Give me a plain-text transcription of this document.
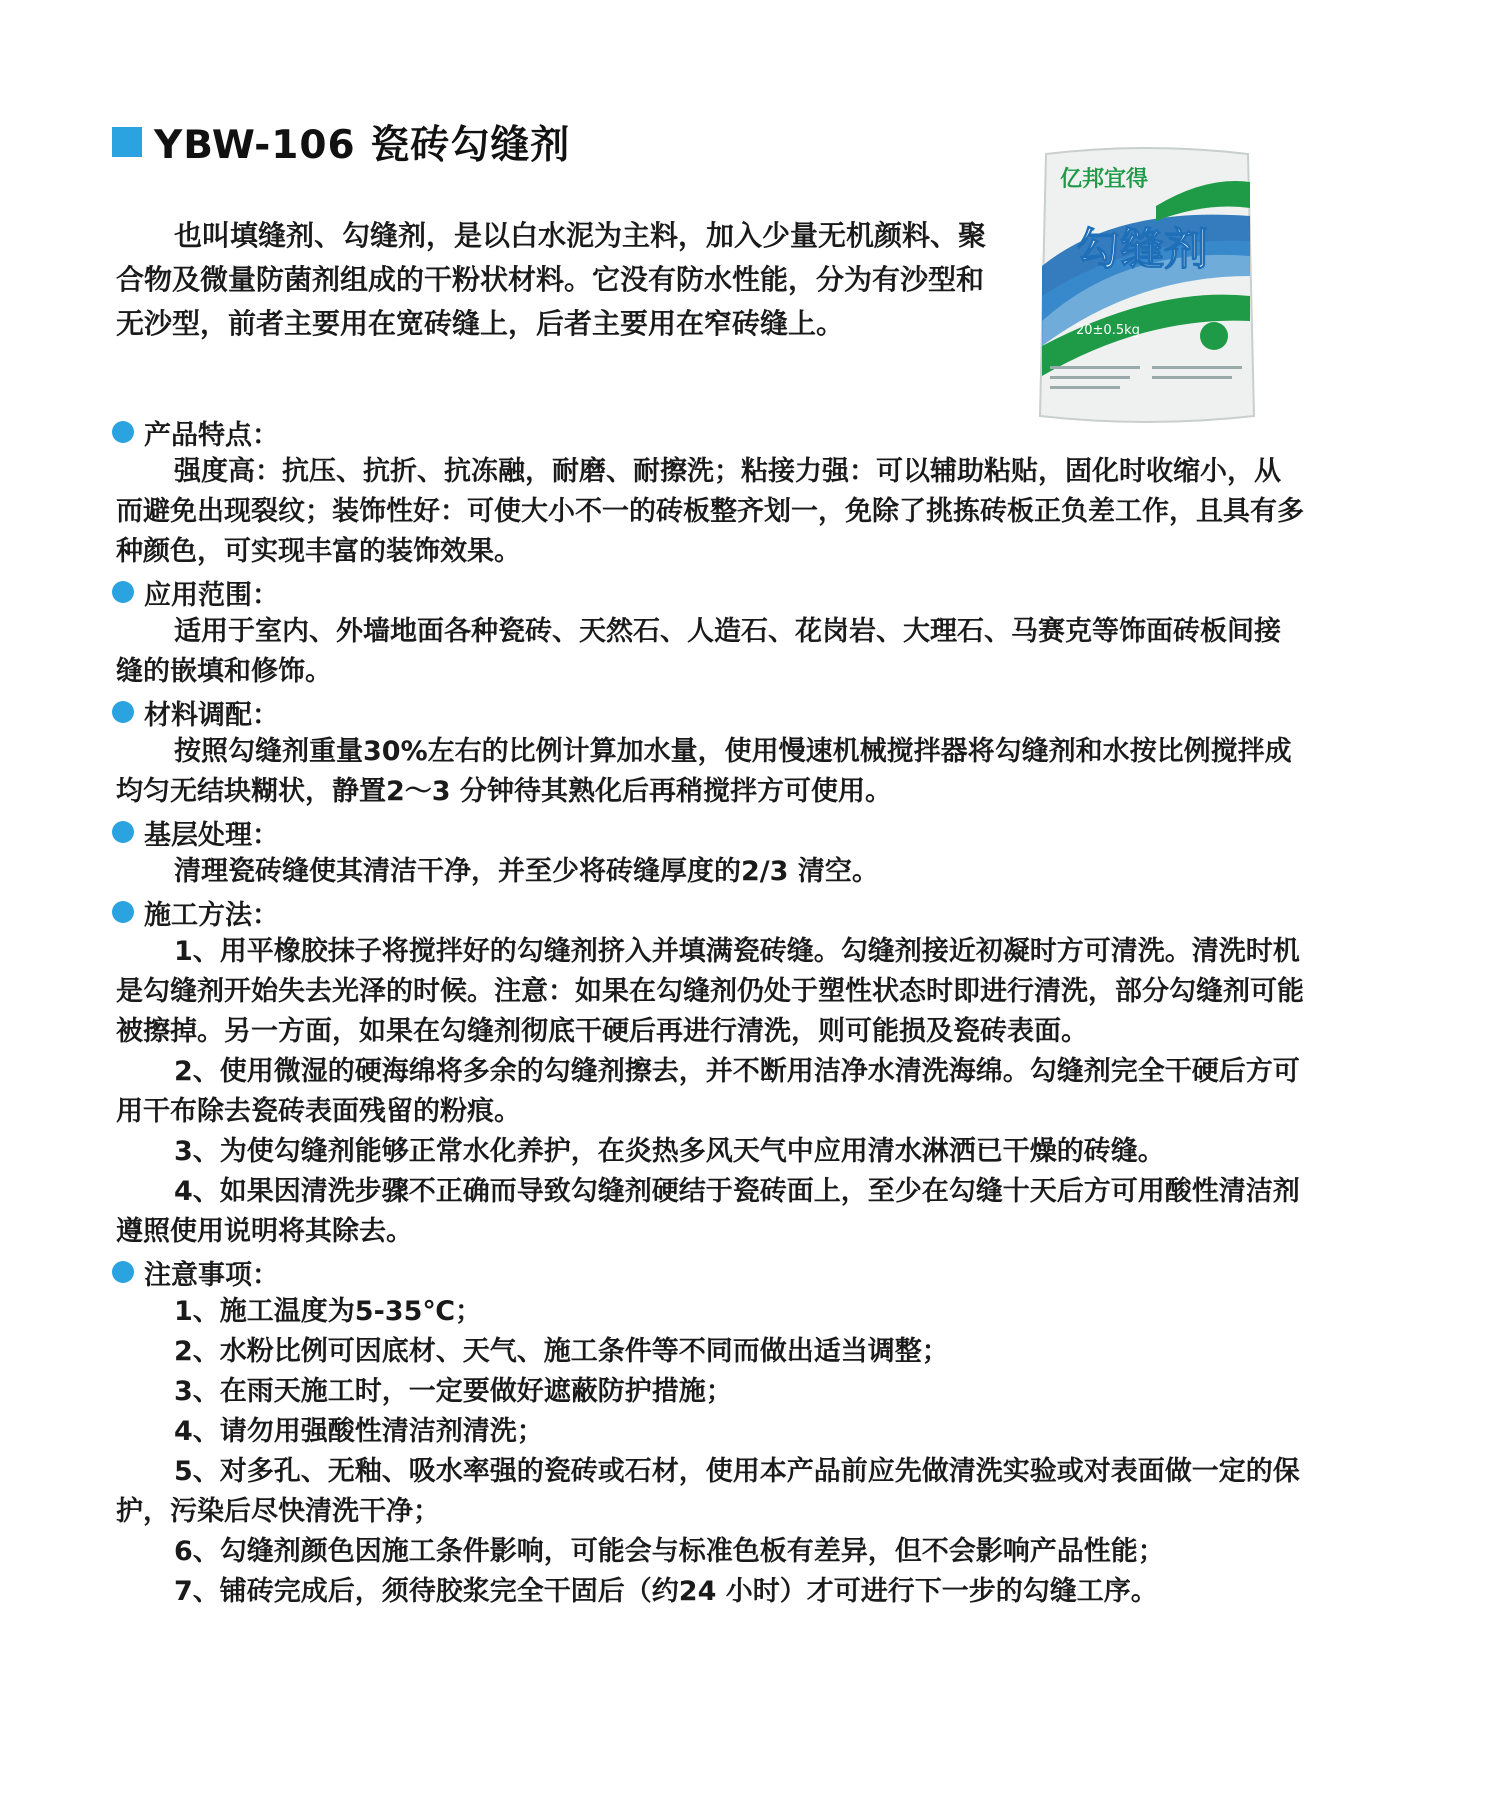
YBW-106 瓷砖勾缝剂

也叫填缝剂、勾缝剂，是以白水泥为主料，加入少量无机颜料、聚合物及微量防菌剂组成的干粉状材料。它没有防水性能，分为有沙型和无沙型，前者主要用在宽砖缝上，后者主要用在窄砖缝上。

亿邦宜得
勾缝剂
20±0.5kg
产品特点：

强度高：抗压、抗折、抗冻融，耐磨、耐擦洗；粘接力强：可以辅助粘贴，固化时收缩小，从而避免出现裂纹；装饰性好：可使大小不一的砖板整齐划一，免除了挑拣砖板正负差工作，且具有多种颜色，可实现丰富的装饰效果。

应用范围：

适用于室内、外墙地面各种瓷砖、天然石、人造石、花岗岩、大理石、马赛克等饰面砖板间接缝的嵌填和修饰。

材料调配：

按照勾缝剂重量30%左右的比例计算加水量，使用慢速机械搅拌器将勾缝剂和水按比例搅拌成均匀无结块糊状，静置2～3 分钟待其熟化后再稍搅拌方可使用。

基层处理：

清理瓷砖缝使其清洁干净，并至少将砖缝厚度的2/3 清空。

施工方法：

1、用平橡胶抹子将搅拌好的勾缝剂挤入并填满瓷砖缝。勾缝剂接近初凝时方可清洗。清洗时机是勾缝剂开始失去光泽的时候。注意：如果在勾缝剂仍处于塑性状态时即进行清洗，部分勾缝剂可能被擦掉。另一方面，如果在勾缝剂彻底干硬后再进行清洗，则可能损及瓷砖表面。

2、使用微湿的硬海绵将多余的勾缝剂擦去，并不断用洁净水清洗海绵。勾缝剂完全干硬后方可用干布除去瓷砖表面残留的粉痕。

3、为使勾缝剂能够正常水化养护，在炎热多风天气中应用清水淋洒已干燥的砖缝。

4、如果因清洗步骤不正确而导致勾缝剂硬结于瓷砖面上，至少在勾缝十天后方可用酸性清洁剂遵照使用说明将其除去。

注意事项：

1、施工温度为5-35℃；

2、水粉比例可因底材、天气、施工条件等不同而做出适当调整；

3、在雨天施工时，一定要做好遮蔽防护措施；

4、请勿用强酸性清洁剂清洗；

5、对多孔、无釉、吸水率强的瓷砖或石材，使用本产品前应先做清洗实验或对表面做一定的保护，污染后尽快清洗干净；

6、勾缝剂颜色因施工条件影响，可能会与标准色板有差异，但不会影响产品性能；

7、铺砖完成后，须待胶浆完全干固后（约24 小时）才可进行下一步的勾缝工序。
